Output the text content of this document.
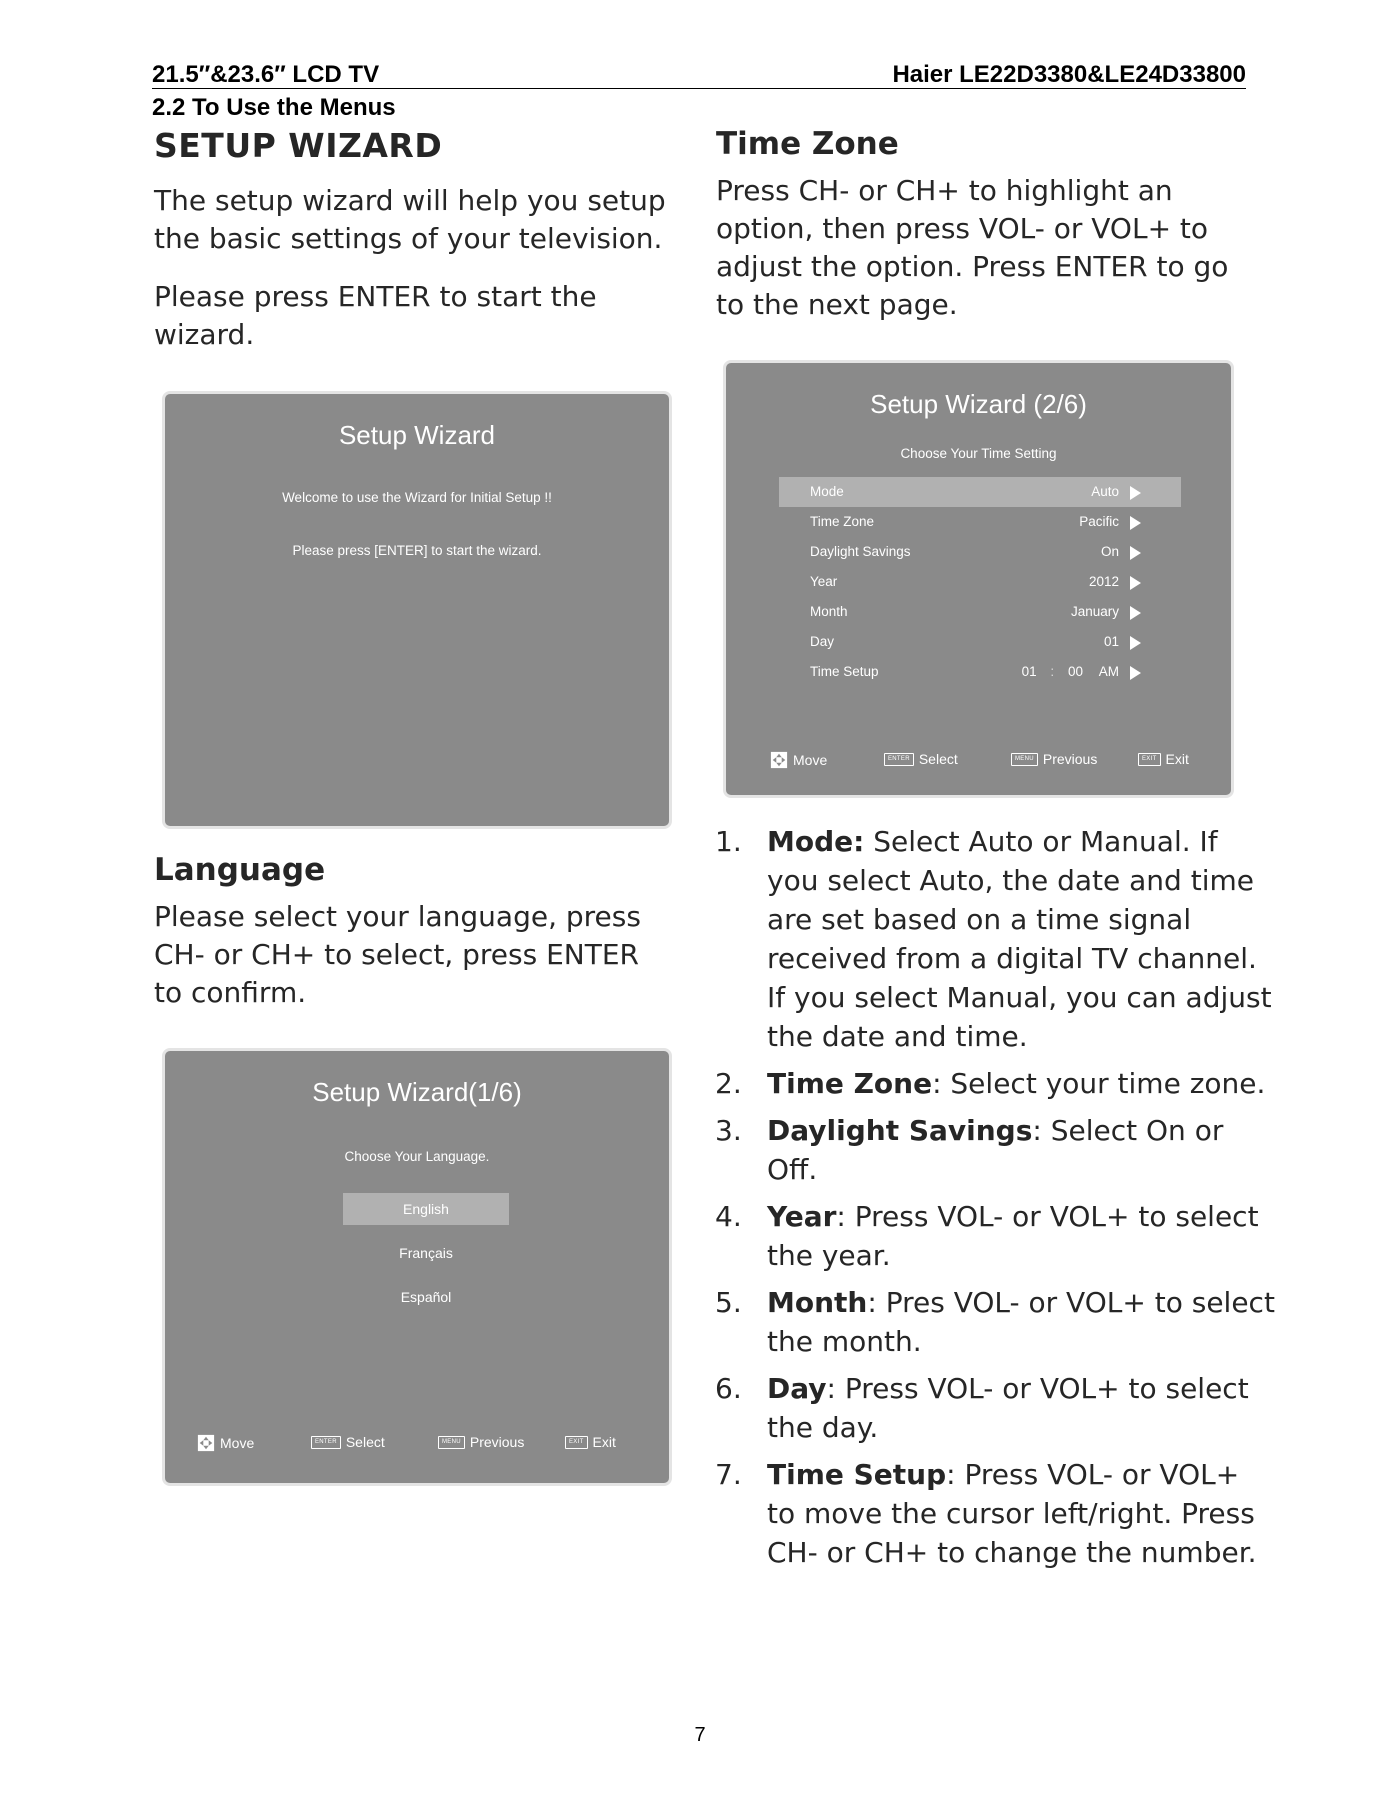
21.5″&23.6″ LCD TV	Haier LE22D3380&LE24D33800
2.2 To Use the Menus
SETUP WIZARD

The setup wizard will help you setup the basic settings of your television.

Please press ENTER to start the wizard.

Setup Wizard
Welcome to use the Wizard for Initial Setup !!
Please press [ENTER] to start the wizard.
Language

Please select your language, press CH- or CH+ to select, press ENTER to confirm.

Setup Wizard(1/6)
Choose Your Language.
English
Français
Español
Move	ENTER Select	MENU Previous	EXIT Exit
Time Zone

Press CH- or CH+ to highlight an option, then press VOL- or VOL+ to adjust the option. Press ENTER to go to the next page.

Setup Wizard (2/6)
Choose Your Time Setting
Mode	Auto
Time Zone	Pacific
Daylight Savings	On
Year	2012
Month	January
Day	01
Time Setup	01 : 00 AM
Move	ENTER Select	MENU Previous	EXIT Exit
1. Mode: Select Auto or Manual. If you select Auto, the date and time are set based on a time signal received from a digital TV channel. If you select Manual, you can adjust the date and time.
2. Time Zone: Select your time zone.
3. Daylight Savings: Select On or Off.
4. Year: Press VOL- or VOL+ to select the year.
5. Month: Pres VOL- or VOL+ to select the month.
6. Day: Press VOL- or VOL+ to select the day.
7. Time Setup: Press VOL- or VOL+ to move the cursor left/right. Press CH- or CH+ to change the number.
7
